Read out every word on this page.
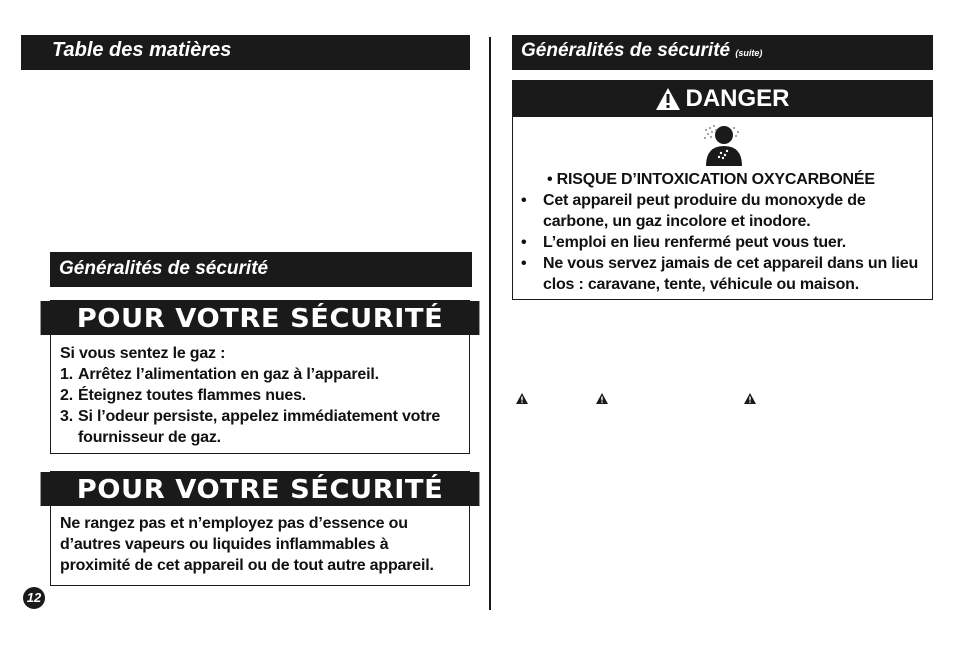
Table des matières
Généralités de sécurité
POUR VOTRE SÉCURITÉ
Si vous sentez le gaz :
1. Arrêtez l’alimentation en gaz à l’appareil.
2. Éteignez toutes flammes nues.
3. Si l’odeur persiste, appelez immédiatement votre fournisseur de gaz.
POUR VOTRE SÉCURITÉ
Ne rangez pas et n’employez pas d’essence ou d’autres vapeurs ou liquides inflammables à proximité de cet appareil ou de tout autre appareil.
12
Généralités de sécurité (suite)
DANGER
• RISQUE D’INTOXICATION OXYCARBONÉE
• Cet appareil peut produire du monoxyde de carbone, un gaz incolore et inodore.
• L’emploi en lieu renfermé peut vous tuer.
• Ne vous servez jamais de cet appareil dans un lieu clos : caravane, tente, véhicule ou maison.
